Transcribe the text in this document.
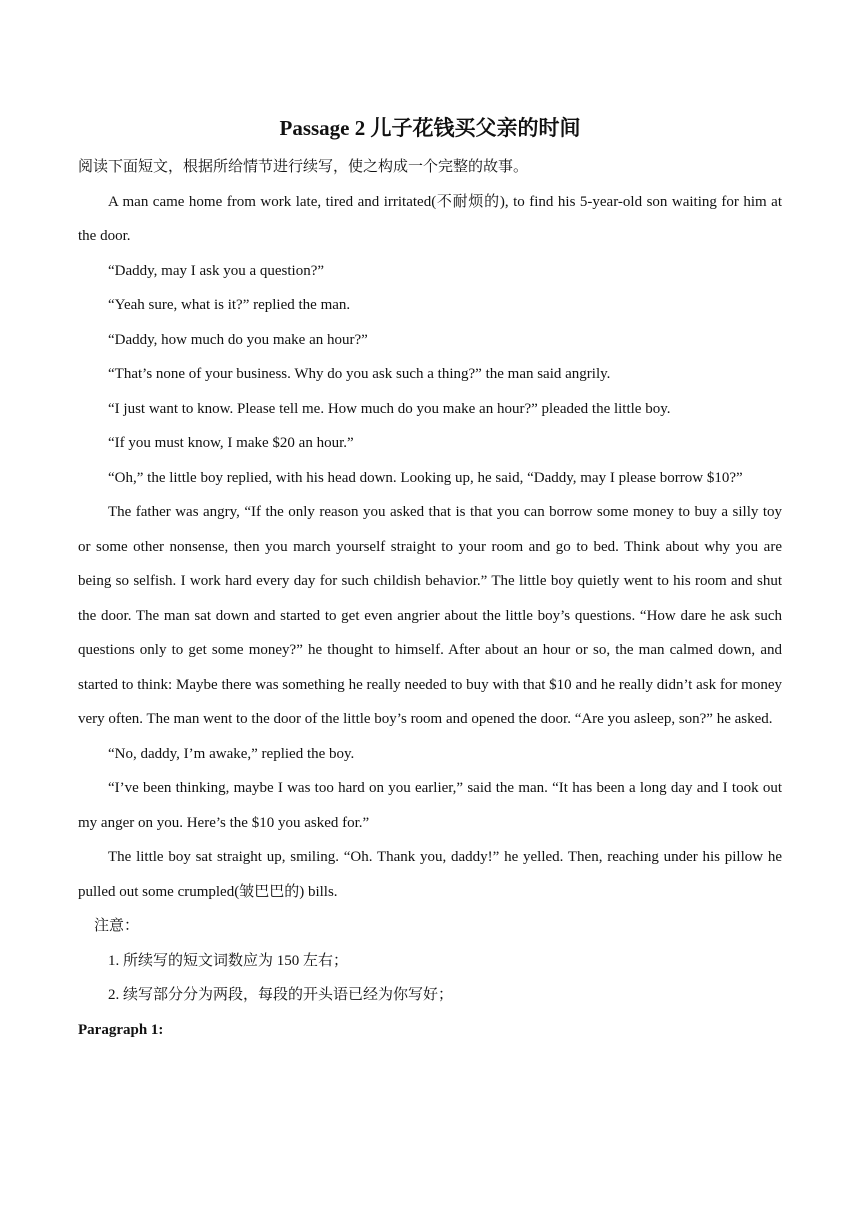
Passage 2 儿子花钱买父亲的时间

阅读下面短文，根据所给情节进行续写，使之构成一个完整的故事。

A man came home from work late, tired and irritated(不耐烦的), to find his 5-year-old son waiting for him at the door.

“Daddy, may I ask you a question?”

“Yeah sure, what is it?” replied the man.

“Daddy, how much do you make an hour?”

“That’s none of your business. Why do you ask such a thing?” the man said angrily.

“I just want to know. Please tell me. How much do you make an hour?” pleaded the little boy.

“If you must know, I make $20 an hour.”

“Oh,” the little boy replied, with his head down. Looking up, he said, “Daddy, may I please borrow $10?”

The father was angry, “If the only reason you asked that is that you can borrow some money to buy a silly toy or some other nonsense, then you march yourself straight to your room and go to bed. Think about why you are being so selfish. I work hard every day for such childish behavior.” The little boy quietly went to his room and shut the door. The man sat down and started to get even angrier about the little boy’s questions. “How dare he ask such questions only to get some money?” he thought to himself. After about an hour or so, the man calmed down, and started to think: Maybe there was something he really needed to buy with that $10 and he really didn’t ask for money very often. The man went to the door of the little boy’s room and opened the door. “Are you asleep, son?” he asked.

“No, daddy, I’m awake,” replied the boy.

“I’ve been thinking, maybe I was too hard on you earlier,” said the man. “It has been a long day and I took out my anger on you. Here’s the $10 you asked for.”

The little boy sat straight up, smiling. “Oh. Thank you, daddy!” he yelled. Then, reaching under his pillow he pulled out some crumpled(皱巴巴的) bills.

注意：

1. 所续写的短文词数应为 150 左右；

2. 续写部分分为两段，每段的开头语已经为你写好；

Paragraph 1:
